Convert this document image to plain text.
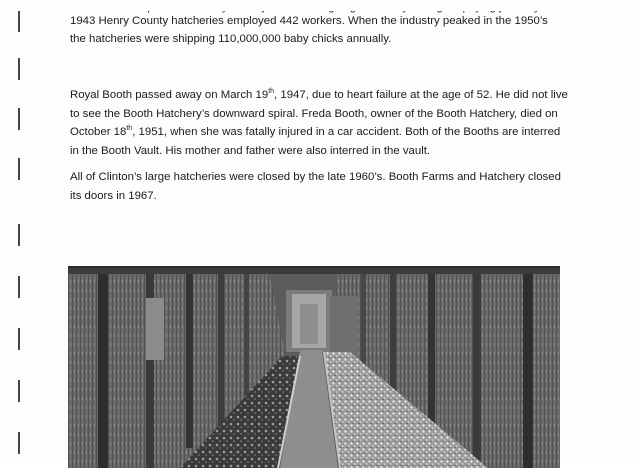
1943 Henry County hatcheries employed 442 workers. When the industry peaked in the 1950’s

the hatcheries were shipping 110,000,000 baby chicks annually.

Royal Booth passed away on March 19th, 1947, due to heart failure at the age of 52. He did not live to see the Booth Hatchery’s downward spiral. Freda Booth, owner of the Booth Hatchery, died on October 18th, 1951, when she was fatally injured in a car accident. Both of the Booths are interred in the Booth Vault. His mother and father were also interred in the vault.

All of Clinton’s large hatcheries were closed by the late 1960’s. Booth Farms and Hatchery closed its doors in 1967.
